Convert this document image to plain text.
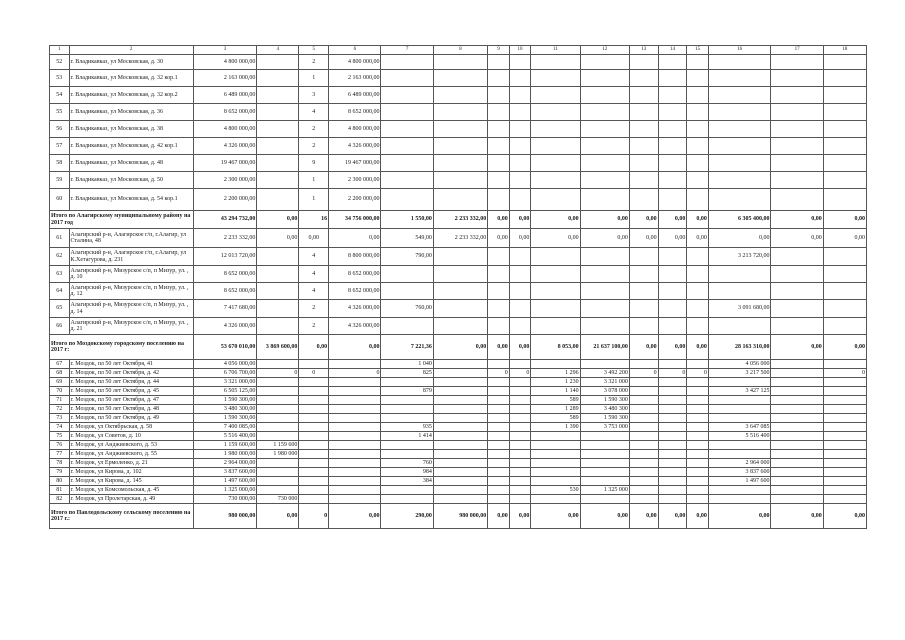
1	2	3	4	5	6	7	8	9	10	11	12	13	14	15	16	17	18
52	г. Владикавказ, ул Московская, д. 30	4 800 000,00		2	4 800 000,00												
53	г. Владикавказ, ул Московская, д. 32 кор.1	2 163 000,00		1	2 163 000,00												
54	г. Владикавказ, ул Московская, д. 32 кор.2	6 489 000,00		3	6 489 000,00												
55	г. Владикавказ, ул Московская, д. 36	8 652 000,00		4	8 652 000,00												
56	г. Владикавказ, ул Московская, д. 38	4 800 000,00		2	4 800 000,00												
57	г. Владикавказ, ул Московская, д. 42 кор.1	4 326 000,00		2	4 326 000,00												
58	г. Владикавказ, ул Московская, д. 48	19 467 000,00		9	19 467 000,00												
59	г. Владикавказ, ул Московская, д. 50	2 300 000,00		1	2 300 000,00												
60	г. Владикавказ, ул Московская, д. 54 кор.1	2 200 000,00		1	2 200 000,00												
Итого по Алагирскому муниципальному району на 2017 год		43 294 732,00	0,00	16	34 756 000,00	1 550,00	2 233 332,00	0,00	0,00	0,00	0,00	0,00	0,00	0,00	6 305 400,00	0,00	0,00
61	Алагирский р-н, Алагирское г/п, г.Алагир, ул Сталина, 48	2 233 332,00	0,00	0,00	0,00	549,00	2 233 332,00	0,00	0,00	0,00	0,00	0,00	0,00	0,00	0,00	0,00	0,00
62	Алагирский р-н, Алагирское г/п, г.Алагир, ул К.Хетагурова, д. 231	12 013 720,00		4	8 800 000,00	790,00									3 213 720,00		
63	Алагирский р-н, Мизурское с/п, п Мизур, ул. , д. 10	8 652 000,00		4	8 652 000,00												
64	Алагирский р-н, Мизурское с/п, п Мизур, ул. , д. 12	8 652 000,00		4	8 652 000,00												
65	Алагирский р-н, Мизурское с/п, п Мизур, ул. , д. 14	7 417 680,00		2	4 326 000,00	760,00									3 091 680,00		
66	Алагирский р-н, Мизурское с/п, п Мизур, ул. , д. 21	4 326 000,00		2	4 326 000,00												
Итого по Моздокскому городскому поселению на 2017 г:		53 670 010,00	3 869 600,00	0,00	0,00	7 221,36	0,00	0,00	0,00	8 053,00	21 637 100,00	0,00	0,00	0,00	28 163 310,00	0,00	0,00
67	г. Моздок, пл 50 лет Октября, 41	4 056 000,00				1 040									4 056 000		
68	г. Моздок, пл 50 лет Октября, д. 42	6 706 700,00	0	0	0	825		0	0	1 296	3 492 200	0	0	0	3 217 500		0
69	г. Моздок, пл 50 лет Октября, д. 44	3 321 000,00								1 230	3 321 000						
70	г. Моздок, пл 50 лет Октября, д. 45	6 505 125,00				879				1 140	3 078 000				3 427 125		
71	г. Моздок, пл 50 лет Октября, д. 47	1 590 300,00								589	1 590 300						
72	г. Моздок, пл 50 лет Октября, д. 48	3 480 300,00								1 289	3 480 300						
73	г. Моздок, пл 50 лет Октября, д. 49	1 590 300,00								589	1 590 300						
74	г. Моздок, ул Октябрьская, д. 58	7 400 085,00				935				1 390	3 753 000				3 647 085		
75	г. Моздок, ул Советов, д. 10	5 516 400,00				1 414									5 516 400		
76	г. Моздок, ул Анджиевского, д. 53	1 159 600,00	1 159 600														
77	г. Моздок, ул Анджиевского, д. 55	1 980 000,00	1 980 000														
78	г. Моздок, ул Ермоленко, д. 21	2 964 000,00				760									2 964 000		
79	г. Моздок, ул Кирова, д. 102	3 837 600,00				984									3 837 600		
80	г. Моздок, ул Кирова, д. 145	1 497 600,00				384									1 497 600		
81	г. Моздок, ул Комсомольская, д. 45	1 325 000,00								530	1 325 000						
82	г. Моздок, ул Пролетарская, д. 49	730 000,00	730 000														
Итого по Павлодольскому сельскому поселению на 2017 г.:		980 000,00	0,00	0	0,00	290,00	980 000,00	0,00	0,00	0,00	0,00	0,00	0,00	0,00	0,00	0,00	0,00
